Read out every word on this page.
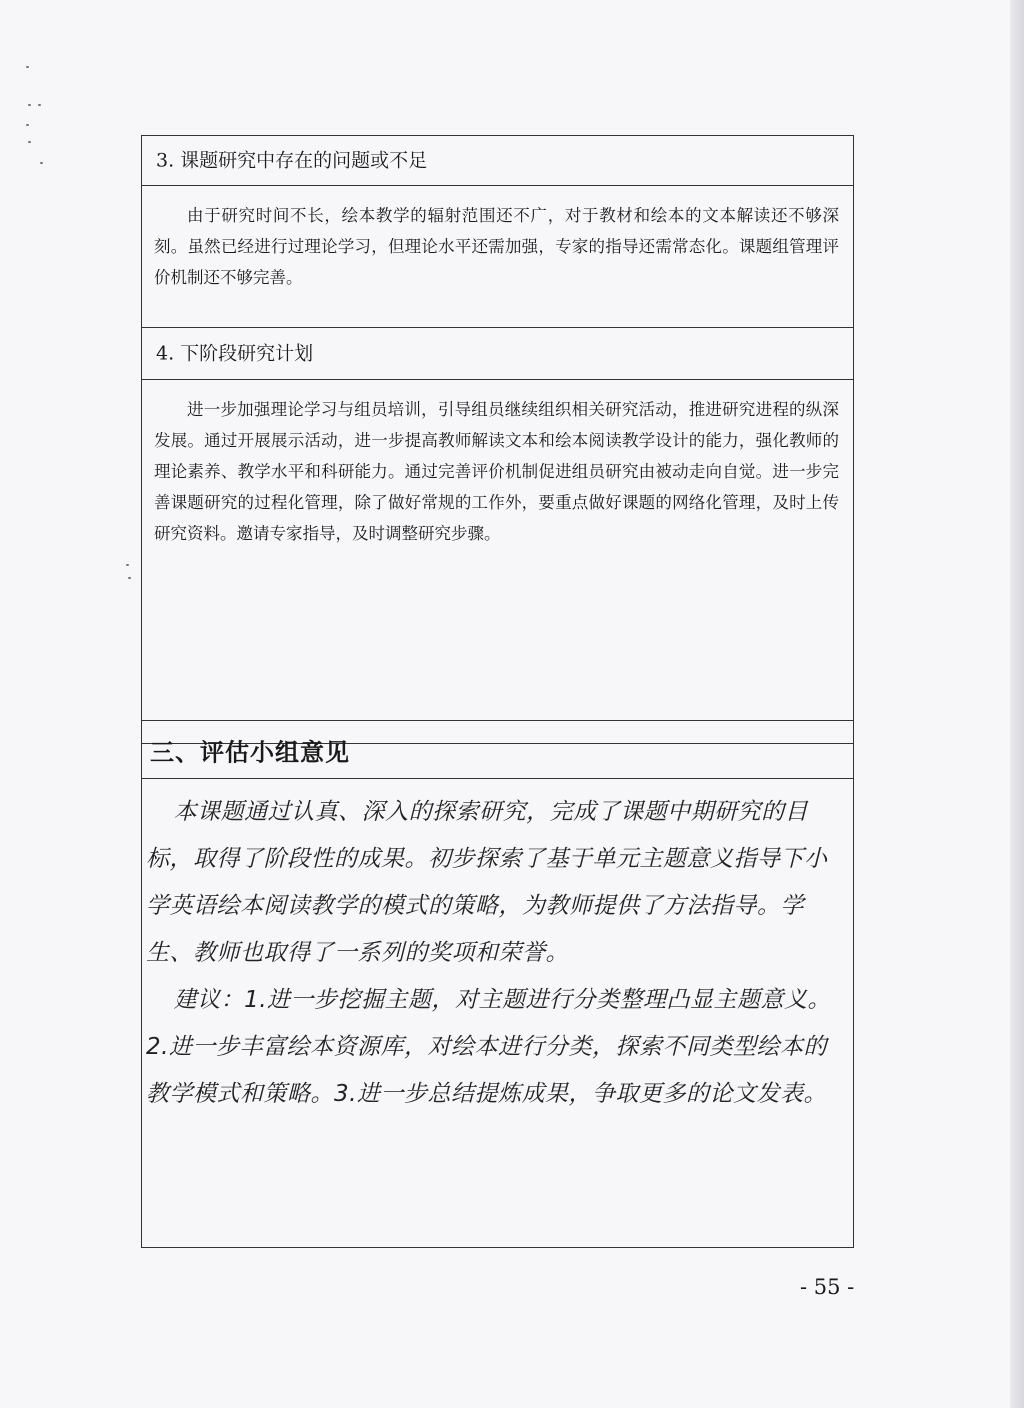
3. 课题研究中存在的问题或不足

由于研究时间不长，绘本教学的辐射范围还不广，对于教材和绘本的文本解读还不够深刻。虽然已经进行过理论学习，但理论水平还需加强，专家的指导还需常态化。课题组管理评价机制还不够完善。

4. 下阶段研究计划

进一步加强理论学习与组员培训，引导组员继续组织相关研究活动，推进研究进程的纵深发展。通过开展展示活动，进一步提高教师解读文本和绘本阅读教学设计的能力，强化教师的理论素养、教学水平和科研能力。通过完善评价机制促进组员研究由被动走向自觉。进一步完善课题研究的过程化管理，除了做好常规的工作外，要重点做好课题的网络化管理，及时上传研究资料。邀请专家指导，及时调整研究步骤。

三、评估小组意见

本课题通过认真、深入的探索研究，完成了课题中期研究的目标，取得了阶段性的成果。初步探索了基于单元主题意义指导下小学英语绘本阅读教学的模式的策略，为教师提供了方法指导。学生、教师也取得了一系列的奖项和荣誉。

建议：1.进一步挖掘主题，对主题进行分类整理凸显主题意义。2.进一步丰富绘本资源库，对绘本进行分类，探索不同类型绘本的教学模式和策略。3.进一步总结提炼成果，争取更多的论文发表。

- 55 -
